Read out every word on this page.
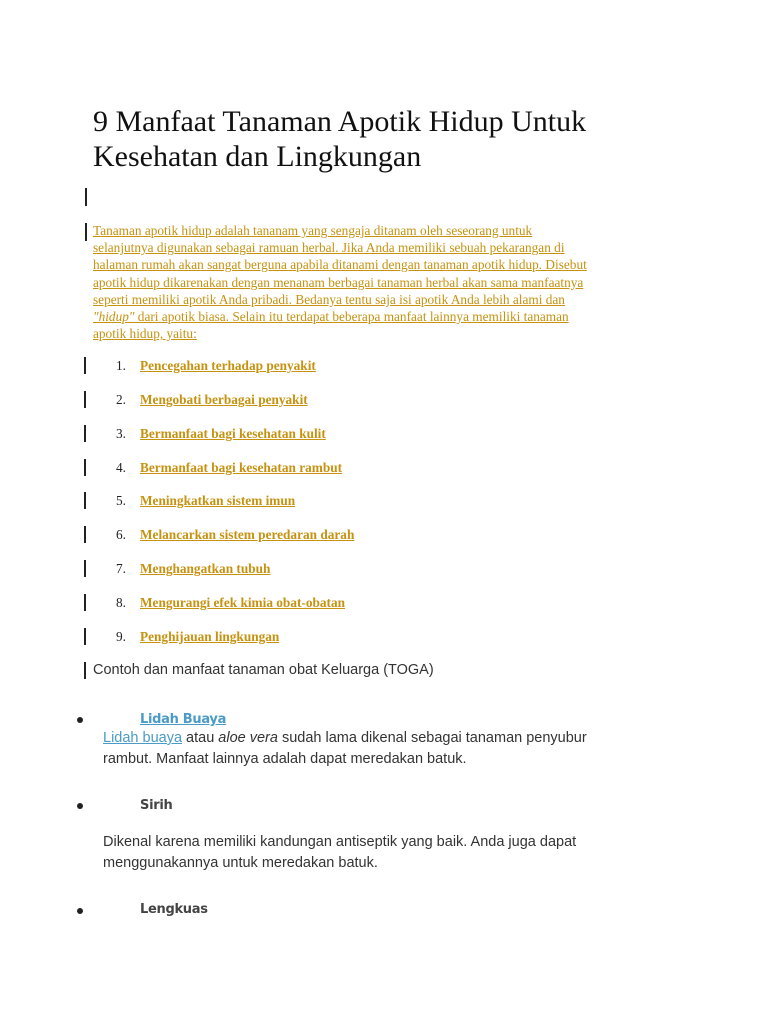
9 Manfaat Tanaman Apotik Hidup Untuk
Kesehatan dan Lingkungan
Tanaman apotik hidup adalah tananam yang sengaja ditanam oleh seseorang untuk
selanjutnya digunakan sebagai ramuan herbal. Jika Anda memiliki sebuah pekarangan di
halaman rumah akan sangat berguna apabila ditanami dengan tanaman apotik hidup. Disebut
apotik hidup dikarenakan dengan menanam berbagai tanaman herbal akan sama manfaatnya
seperti memiliki apotik Anda pribadi. Bedanya tentu saja isi apotik Anda lebih alami dan
"hidup" dari apotik biasa. Selain itu terdapat beberapa manfaat lainnya memiliki tanaman
apotik hidup, yaitu:
1. Pencegahan terhadap penyakit
2. Mengobati berbagai penyakit
3. Bermanfaat bagi kesehatan kulit
4. Bermanfaat bagi kesehatan rambut
5. Meningkatkan sistem imun
6. Melancarkan sistem peredaran darah
7. Menghangatkan tubuh
8. Mengurangi efek kimia obat-obatan
9. Penghijauan lingkungan
Contoh dan manfaat tanaman obat Keluarga (TOGA)
Lidah Buaya
Lidah buaya atau aloe vera sudah lama dikenal sebagai tanaman penyubur
rambut. Manfaat lainnya adalah dapat meredakan batuk.
Sirih
Dikenal karena memiliki kandungan antiseptik yang baik. Anda juga dapat
menggunakannya untuk meredakan batuk.
Lengkuas
